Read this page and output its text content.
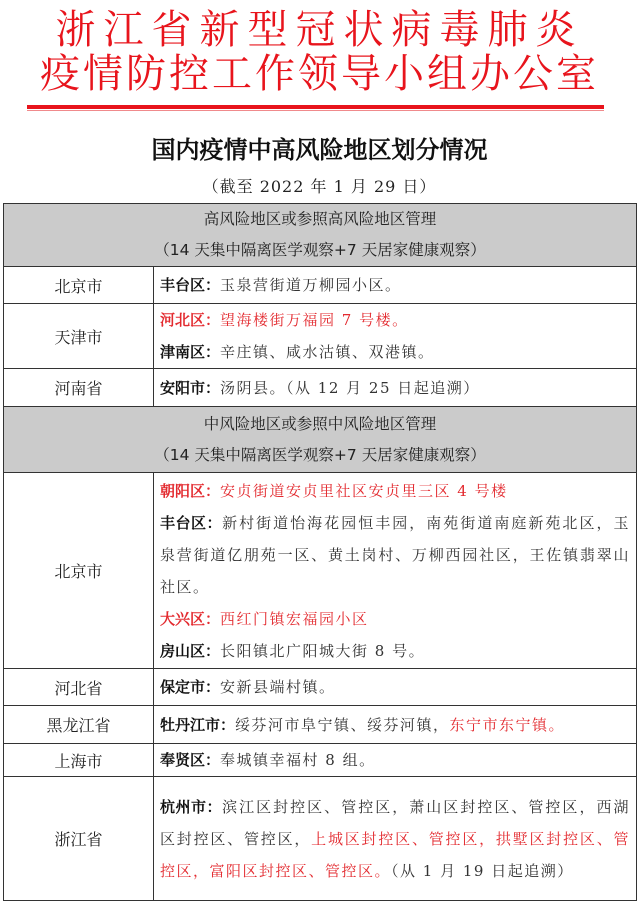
浙江省新型冠状病毒肺炎
疫情防控工作领导小组办公室
国内疫情中高风险地区划分情况
（截至 2022 年 1 月 29 日）
高风险地区或参照高风险地区管理
（14 天集中隔离医学观察+7 天居家健康观察）	

北京市	丰台区：玉泉营街道万柳园小区。

天津市	河北区：望海楼街万福园 7 号楼。
津南区：辛庄镇、咸水沽镇、双港镇。

河南省	安阳市：汤阴县。（从 12 月 25 日起追溯）

中风险地区或参照中风险地区管理
（14 天集中隔离医学观察+7 天居家健康观察）	

北京市	朝阳区：安贞街道安贞里社区安贞里三区 4 号楼
丰台区：新村街道怡海花园恒丰园，南苑街道南庭新苑北区，玉泉营街道亿朋苑一区、黄土岗村、万柳西园社区，王佐镇翡翠山社区。
大兴区：西红门镇宏福园小区
房山区：长阳镇北广阳城大街 8 号。

河北省	保定市：安新县端村镇。

黑龙江省	牡丹江市：绥芬河市阜宁镇、绥芬河镇，东宁市东宁镇。

上海市	奉贤区：奉城镇幸福村 8 组。

浙江省	杭州市：滨江区封控区、管控区，萧山区封控区、管控区，西湖区封控区、管控区，上城区封控区、管控区，拱墅区封控区、管控区，富阳区封控区、管控区。（从 1 月 19 日起追溯）
